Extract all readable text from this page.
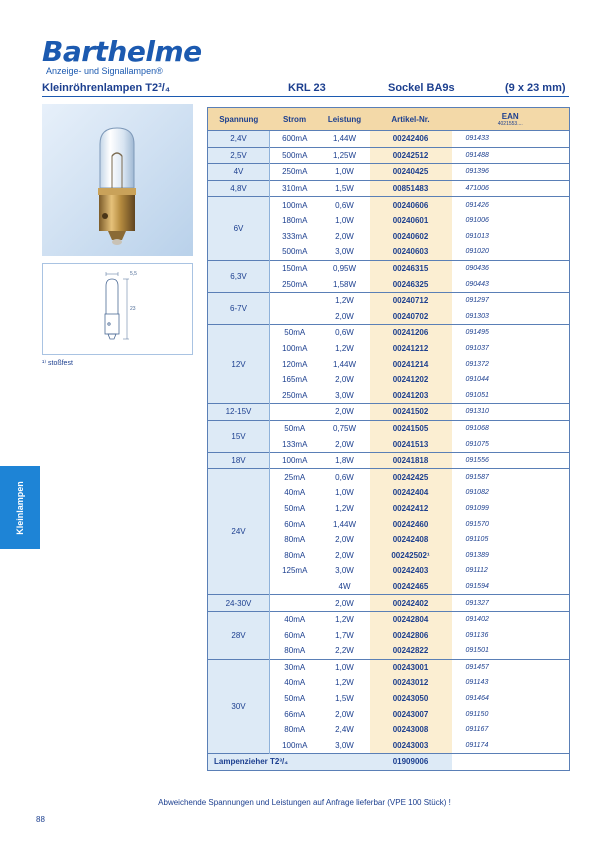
Barthelme
Anzeige- und Signallampen®
Kleinröhrenlampen T2³/₄	KRL 23	Sockel BA9s	(9 x 23 mm)
5,5
23
¹⁾ stoßfest
Kleinlampen
Spannung	Strom	Leistung	Artikel-Nr.	EAN
4021553....

2,4V	600mA	1,44W	00242406	091433
2,5V	500mA	1,25W	00242512	091488
4V	250mA	1,0W	00240425	091396
4,8V	310mA	1,5W	00851483	471006
6V	100mA	0,6W	00240606	091426
	180mA	1,0W	00240601	091006
	333mA	2,0W	00240602	091013
	500mA	3,0W	00240603	091020
6,3V	150mA	0,95W	00246315	090436
	250mA	1,58W	00246325	090443
6-7V		1,2W	00240712	091297
		2,0W	00240702	091303
12V	50mA	0,6W	00241206	091495
	100mA	1,2W	00241212	091037
	120mA	1,44W	00241214	091372
	165mA	2,0W	00241202	091044
	250mA	3,0W	00241203	091051
12-15V		2,0W	00241502	091310
15V	50mA	0,75W	00241505	091068
	133mA	2,0W	00241513	091075
18V	100mA	1,8W	00241818	091556
24V	25mA	0,6W	00242425	091587
	40mA	1,0W	00242404	091082
	50mA	1,2W	00242412	091099
	60mA	1,44W	00242460	091570
	80mA	2,0W	00242408	091105
	80mA	2,0W	00242502¹	091389
	125mA	3,0W	00242403	091112
		4W	00242465	091594
24-30V		2,0W	00242402	091327
28V	40mA	1,2W	00242804	091402
	60mA	1,7W	00242806	091136
	80mA	2,2W	00242822	091501
30V	30mA	1,0W	00243001	091457
	40mA	1,2W	00243012	091143
	50mA	1,5W	00243050	091464
	66mA	2,0W	00243007	091150
	80mA	2,4W	00243008	091167
	100mA	3,0W	00243003	091174
Lampenzieher T2³/₄			01909006	
Abweichende Spannungen und Leistungen auf Anfrage lieferbar (VPE 100 Stück) !
88
